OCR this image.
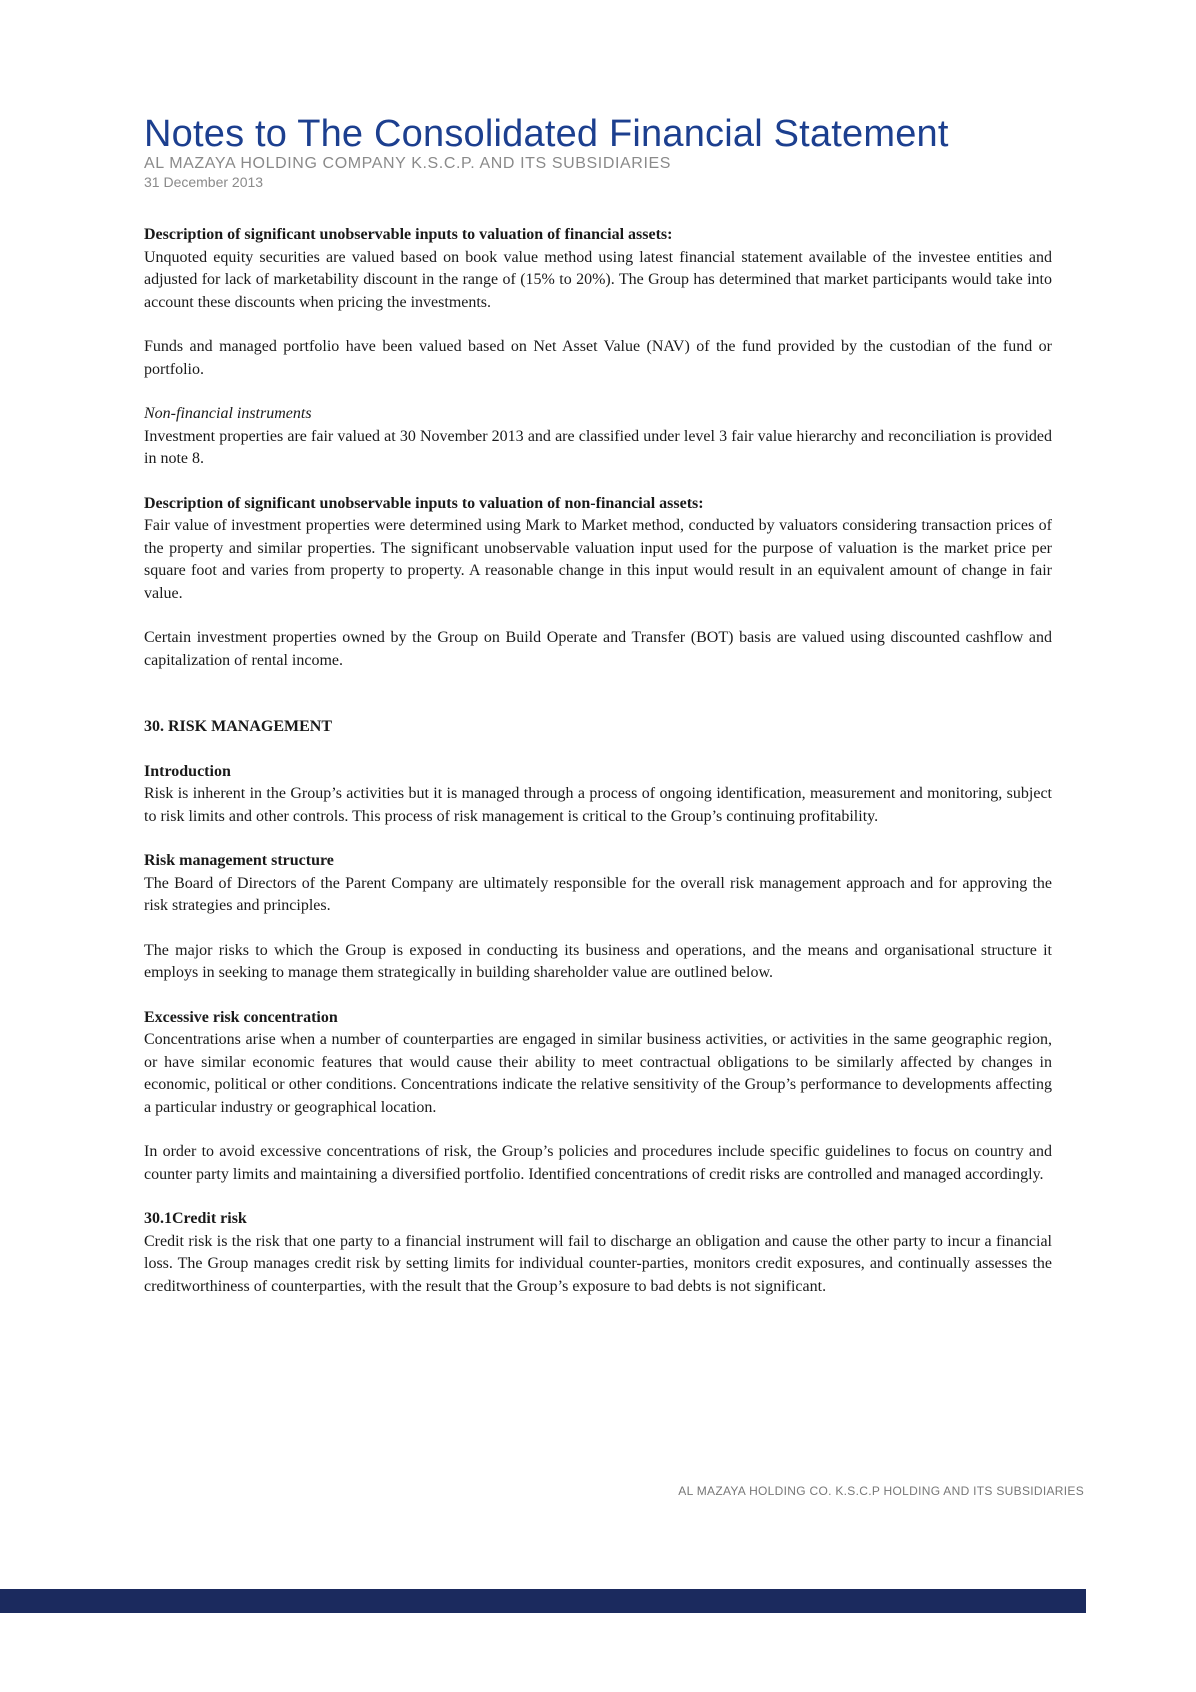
Notes to The Consolidated Financial Statement
AL MAZAYA HOLDING COMPANY K.S.C.P. AND ITS SUBSIDIARIES
31 December 2013

Description of significant unobservable inputs to valuation of financial assets:

Unquoted equity securities are valued based on book value method using latest financial statement available of the investee entities and adjusted for lack of marketability discount in the range of (15% to 20%). The Group has determined that market participants would take into account these discounts when pricing the investments.

Funds and managed portfolio have been valued based on Net Asset Value (NAV) of the fund provided by the custodian of the fund or portfolio.

Non-financial instruments

Investment properties are fair valued at 30 November 2013 and are classified under level 3 fair value hierarchy and reconciliation is provided in note 8.

Description of significant unobservable inputs to valuation of non-financial assets:

Fair value of investment properties were determined using Mark to Market method, conducted by valuators considering transaction prices of the property and similar properties. The significant unobservable valuation input used for the purpose of valuation is the market price per square foot and varies from property to property. A reasonable change in this input would result in an equivalent amount of change in fair value.

Certain investment properties owned by the Group on Build Operate and Transfer (BOT) basis are valued using discounted cashflow and capitalization of rental income.

30. RISK MANAGEMENT

Introduction

Risk is inherent in the Group’s activities but it is managed through a process of ongoing identification, measurement and monitoring, subject to risk limits and other controls. This process of risk management is critical to the Group’s continuing profitability.

Risk management structure

The Board of Directors of the Parent Company are ultimately responsible for the overall risk management approach and for approving the risk strategies and principles.

The major risks to which the Group is exposed in conducting its business and operations, and the means and organisational structure it employs in seeking to manage them strategically in building shareholder value are outlined below.

Excessive risk concentration

Concentrations arise when a number of counterparties are engaged in similar business activities, or activities in the same geographic region, or have similar economic features that would cause their ability to meet contractual obligations to be similarly affected by changes in economic, political or other conditions. Concentrations indicate the relative sensitivity of the Group’s performance to developments affecting a particular industry or geographical location.

In order to avoid excessive concentrations of risk, the Group’s policies and procedures include specific guidelines to focus on country and counter party limits and maintaining a diversified portfolio. Identified concentrations of credit risks are controlled and managed accordingly.

30.1Credit risk

Credit risk is the risk that one party to a financial instrument will fail to discharge an obligation and cause the other party to incur a financial loss. The Group manages credit risk by setting limits for individual counter-parties, monitors credit exposures, and continually assesses the creditworthiness of counterparties, with the result that the Group’s exposure to bad debts is not significant.

AL MAZAYA HOLDING CO. K.S.C.P HOLDING AND ITS SUBSIDIARIES
